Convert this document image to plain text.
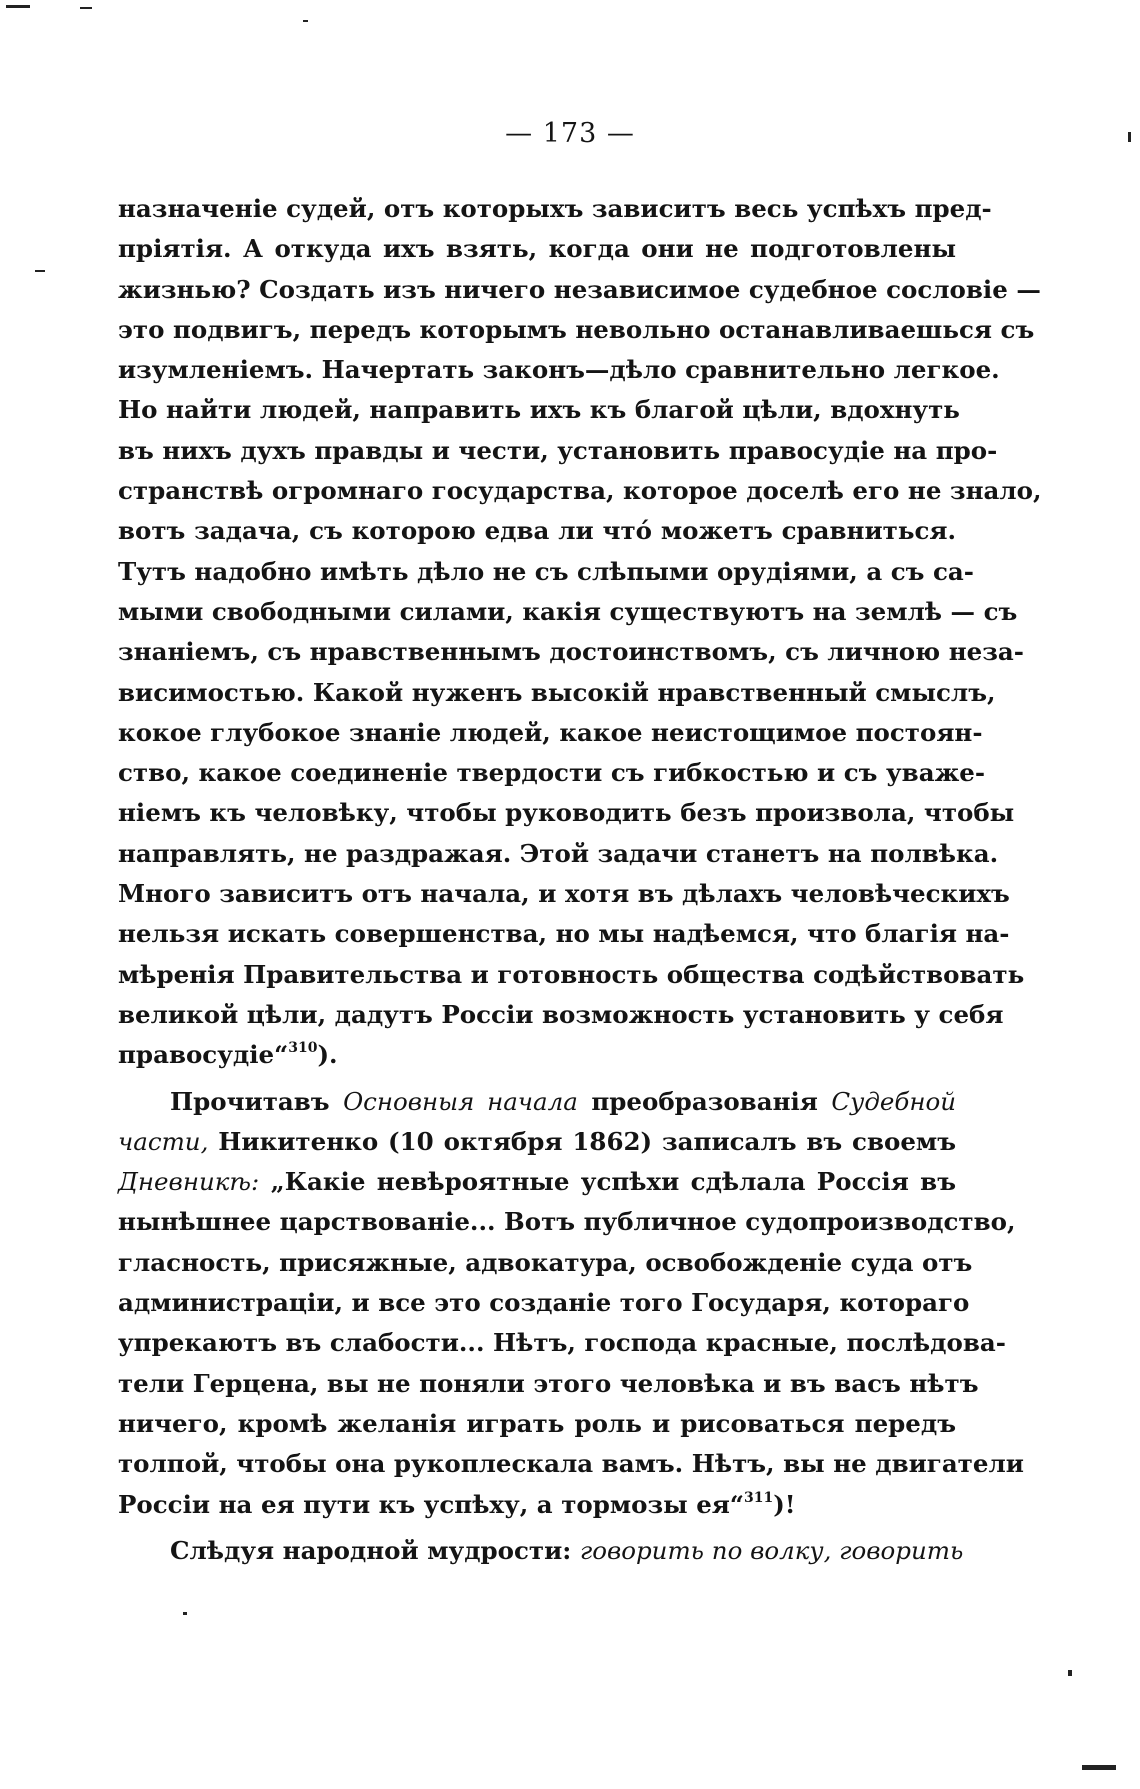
— 173 —
назначеніе судей, отъ которыхъ зависитъ весь успѣхъ пред-
пріятія. А откуда ихъ взять, когда они не подготовлены
жизнью? Создать изъ ничего независимое судебное сословіе —
это подвигъ, передъ которымъ невольно останавливаешься съ
изумленіемъ. Начертать законъ—дѣло сравнительно легкое.
Но найти людей, направить ихъ къ благой цѣли, вдохнуть
въ нихъ духъ правды и чести, установить правосудіе на про-
странствѣ огромнаго государства, которое доселѣ его не знало,
вотъ задача, съ которою едва ли что́ можетъ сравниться.
Тутъ надобно имѣть дѣло не съ слѣпыми орудіями, а съ са-
мыми свободными силами, какія существуютъ на землѣ — съ
знаніемъ, съ нравственнымъ достоинствомъ, съ личною неза-
висимостью. Какой нуженъ высокій нравственный смыслъ,
кокое глубокое знаніе людей, какое неистощимое постоян-
ство, какое соединеніе твердости съ гибкостью и съ уваже-
ніемъ къ человѣку, чтобы руководить безъ произвола, чтобы
направлять, не раздражая. Этой задачи станетъ на полвѣка.
Много зависитъ отъ начала, и хотя въ дѣлахъ человѣческихъ
нельзя искать совершенства, но мы надѣемся, что благія на-
мѣренія Правительства и готовность общества содѣйствовать
великой цѣли, дадутъ Россіи возможность установить у себя
правосудіе“$^{310}$).
Прочитавъ Основныя начала преобразованія Судебной
части, Никитенко (10 октября 1862) записалъ въ своемъ
Дневникѣ: „Какіе невѣроятные успѣхи сдѣлала Россія въ
нынѣшнее царствованіе... Вотъ публичное судопроизводство,
гласность, присяжные, адвокатура, освобожденіе суда отъ
администраціи, и все это созданіе того Государя, котораго
упрекаютъ въ слабости... Нѣтъ, господа красные, послѣдова-
тели Герцена, вы не поняли этого человѣка и въ васъ нѣтъ
ничего, кромѣ желанія играть роль и рисоваться передъ
толпой, чтобы она рукоплескала вамъ. Нѣтъ, вы не двигатели
Россіи на ея пути къ успѣху, а тормозы ея“$^{311}$)!
Слѣдуя народной мудрости: говорить по волку, говорить
